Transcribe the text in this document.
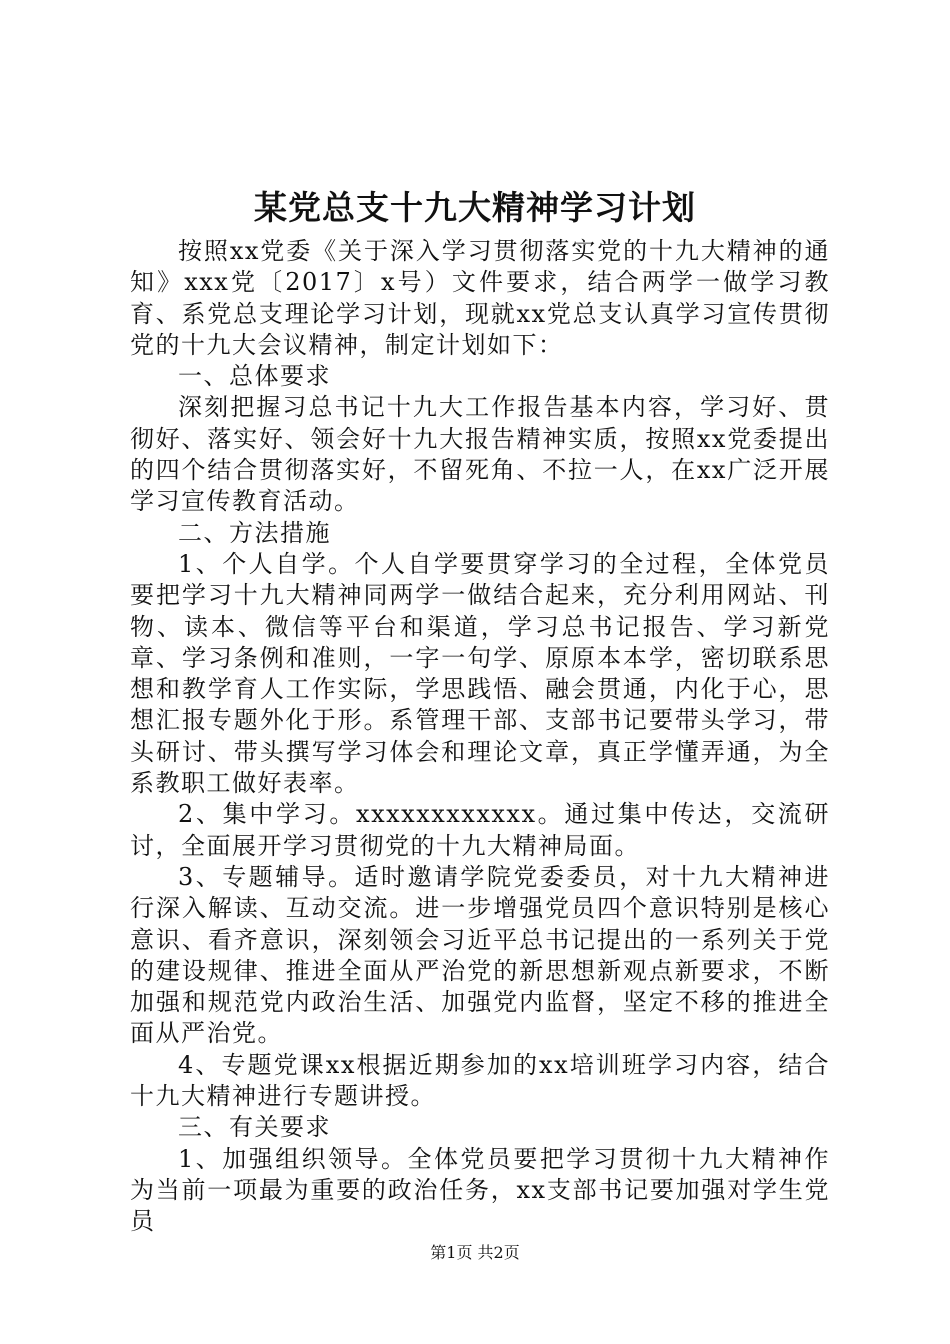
某党总支十九大精神学习计划

按照xx党委《关于深入学习贯彻落实党的十九大精神的通知》xxx党〔2017〕x号）文件要求，结合两学一做学习教育、系党总支理论学习计划，现就xx党总支认真学习宣传贯彻党的十九大会议精神，制定计划如下：

一、总体要求

深刻把握习总书记十九大工作报告基本内容，学习好、贯彻好、落实好、领会好十九大报告精神实质，按照xx党委提出的四个结合贯彻落实好，不留死角、不拉一人，在xx广泛开展学习宣传教育活动。

二、方法措施

1、个人自学。个人自学要贯穿学习的全过程，全体党员要把学习十九大精神同两学一做结合起来，充分利用网站、刊物、读本、微信等平台和渠道，学习总书记报告、学习新党章、学习条例和准则，一字一句学、原原本本学，密切联系思想和教学育人工作实际，学思践悟、融会贯通，内化于心，思想汇报专题外化于形。系管理干部、支部书记要带头学习，带头研讨、带头撰写学习体会和理论文章，真正学懂弄通，为全系教职工做好表率。

2、集中学习。xxxxxxxxxxxx。通过集中传达，交流研讨，全面展开学习贯彻党的十九大精神局面。

3、专题辅导。适时邀请学院党委委员，对十九大精神进行深入解读、互动交流。进一步增强党员四个意识特别是核心意识、看齐意识，深刻领会习近平总书记提出的一系列关于党的建设规律、推进全面从严治党的新思想新观点新要求，不断加强和规范党内政治生活、加强党内监督，坚定不移的推进全面从严治党。

4、专题党课xx根据近期参加的xx培训班学习内容，结合十九大精神进行专题讲授。

三、有关要求

1、加强组织领导。全体党员要把学习贯彻十九大精神作为当前一项最为重要的政治任务，xx支部书记要加强对学生党员

第1页 共2页
